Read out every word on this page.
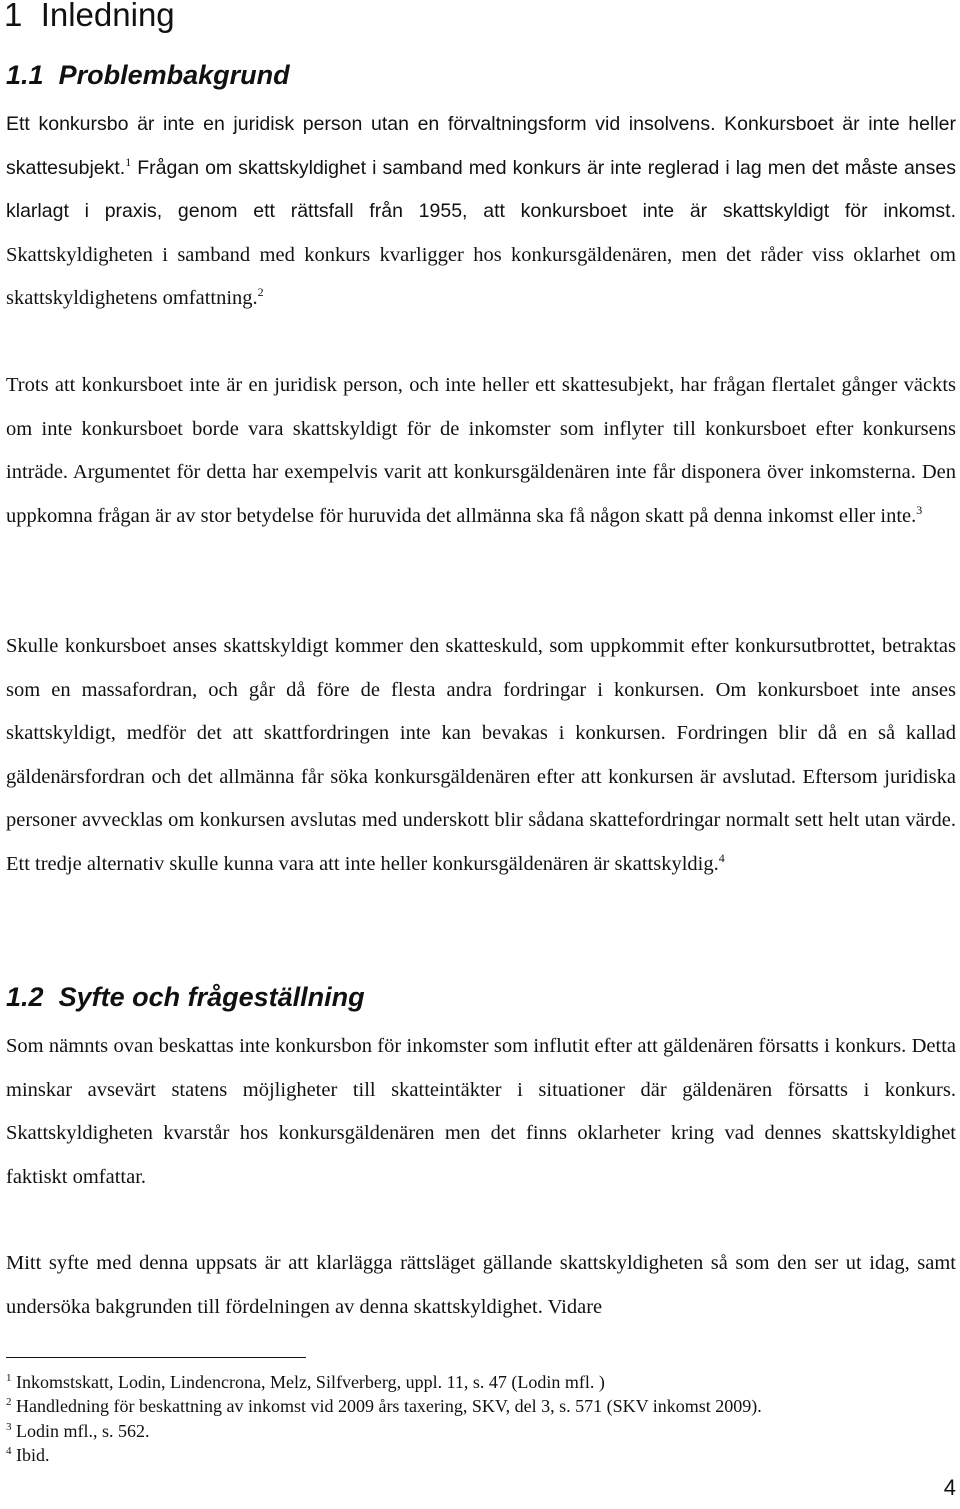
1 Inledning
1.1 Problembakgrund

Ett konkursbo är inte en juridisk person utan en förvaltningsform vid insolvens. Konkursboet är inte heller skattesubjekt.$^1$ Frågan om skattskyldighet i samband med konkurs är inte reglerad i lag men det måste anses klarlagt i praxis, genom ett rättsfall från 1955, att konkursboet inte är skattskyldigt för inkomst. Skattskyldigheten i samband med konkurs kvarligger hos konkursgäldenären, men det råder viss oklarhet om skattskyldighetens omfattning.$^2$

Trots att konkursboet inte är en juridisk person, och inte heller ett skattesubjekt, har frågan flertalet gånger väckts om inte konkursboet borde vara skattskyldigt för de inkomster som inflyter till konkursboet efter konkursens inträde. Argumentet för detta har exempelvis varit att konkursgäldenären inte får disponera över inkomsterna. Den uppkomna frågan är av stor betydelse för huruvida det allmänna ska få någon skatt på denna inkomst eller inte.$^3$

Skulle konkursboet anses skattskyldigt kommer den skatteskuld, som uppkommit efter konkursutbrottet, betraktas som en massafordran, och går då före de flesta andra fordringar i konkursen. Om konkursboet inte anses skattskyldigt, medför det att skattfordringen inte kan bevakas i konkursen. Fordringen blir då en så kallad gäldenärsfordran och det allmänna får söka konkursgäldenären efter att konkursen är avslutad. Eftersom juridiska personer avvecklas om konkursen avslutas med underskott blir sådana skattefordringar normalt sett helt utan värde. Ett tredje alternativ skulle kunna vara att inte heller konkursgäldenären är skattskyldig.$^4$

1.2 Syfte och frågeställning

Som nämnts ovan beskattas inte konkursbon för inkomster som influtit efter att gäldenären försatts i konkurs. Detta minskar avsevärt statens möjligheter till skatteintäkter i situationer där gäldenären försatts i konkurs. Skattskyldigheten kvarstår hos konkursgäldenären men det finns oklarheter kring vad dennes skattskyldighet faktiskt omfattar.

Mitt syfte med denna uppsats är att klarlägga rättsläget gällande skattskyldigheten så som den ser ut idag, samt undersöka bakgrunden till fördelningen av denna skattskyldighet. Vidare

$^1$ Inkomstskatt, Lodin, Lindencrona, Melz, Silfverberg, uppl. 11, s. 47 (Lodin mfl. )

$^2$ Handledning för beskattning av inkomst vid 2009 års taxering, SKV, del 3, s. 571 (SKV inkomst 2009).

$^3$ Lodin mfl., s. 562.

$^4$ Ibid.

4
